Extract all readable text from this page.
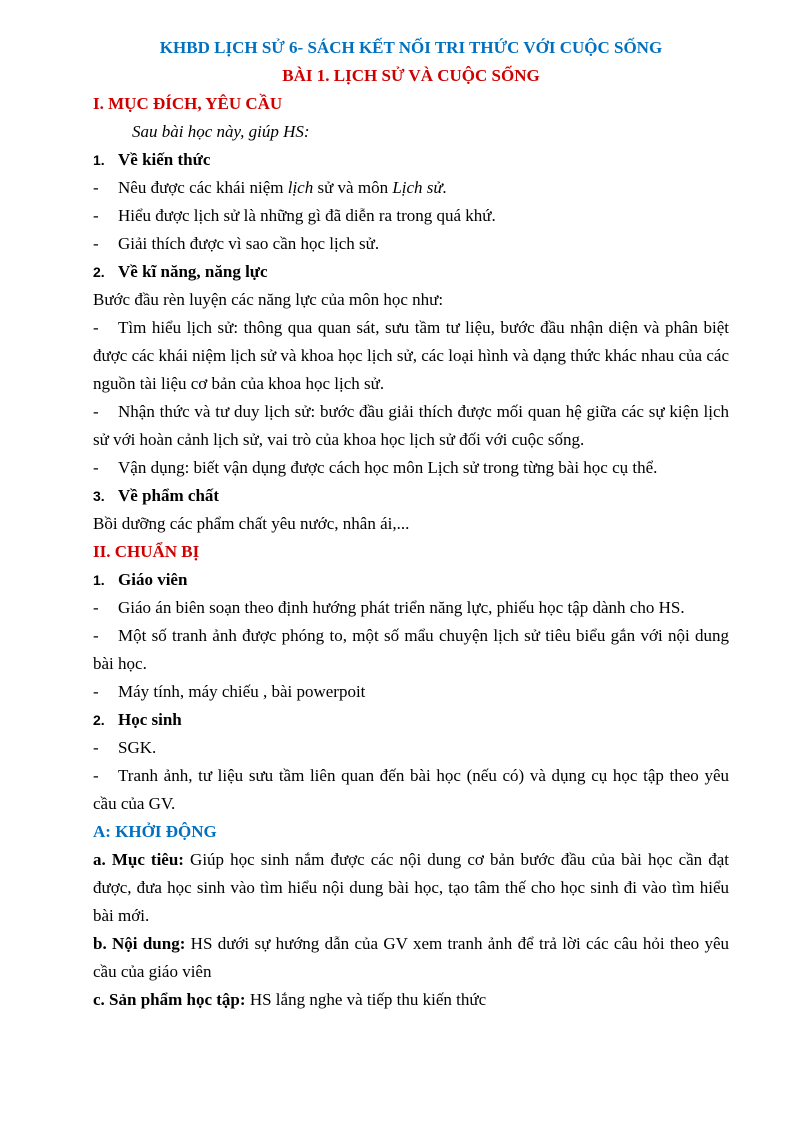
KHBD LỊCH SỬ 6- SÁCH KẾT NỐI TRI THỨC VỚI CUỘC SỐNG

BÀI 1. LỊCH SỬ VÀ CUỘC SỐNG

I. MỤC ĐÍCH, YÊU CẦU

Sau bài học này, giúp HS:

1. Về kiến thức

- Nêu được các khái niệm lịch sử và môn Lịch sử.

- Hiểu được lịch sử là những gì đã diễn ra trong quá khứ.

- Giải thích được vì sao cần học lịch sử.

2. Về kĩ năng, năng lực

Bước đầu rèn luyện các năng lực của môn học như:

- Tìm hiểu lịch sử: thông qua quan sát, sưu tầm tư liệu, bước đầu nhận diện và phân biệt được các khái niệm lịch sử và khoa học lịch sử, các loại hình và dạng thức khác nhau của các nguồn tài liệu cơ bản của khoa học lịch sử.

- Nhận thức và tư duy lịch sử: bước đầu giải thích được mối quan hệ giữa các sự kiện lịch sử với hoàn cảnh lịch sử, vai trò của khoa học lịch sử đối với cuộc sống.

- Vận dụng: biết vận dụng được cách học môn Lịch sử trong từng bài học cụ thể.

3. Về phẩm chất

Bồi dưỡng các phẩm chất yêu nước, nhân ái,...

II. CHUẨN BỊ

1. Giáo viên

- Giáo án biên soạn theo định hướng phát triển năng lực, phiếu học tập dành cho HS.

- Một số tranh ảnh được phóng to, một số mẩu chuyện lịch sử tiêu biểu gắn với nội dung bài học.

- Máy tính, máy chiếu , bài powerpoit

2. Học sinh

- SGK.

- Tranh ảnh, tư liệu sưu tầm liên quan đến bài học (nếu có) và dụng cụ học tập theo yêu cầu của GV.

A: KHỞI ĐỘNG

a. Mục tiêu: Giúp học sinh nắm được các nội dung cơ bản bước đầu của bài học cần đạt được, đưa học sinh vào tìm hiểu nội dung bài học, tạo tâm thế cho học sinh đi vào tìm hiểu bài mới.

b. Nội dung: HS dưới sự hướng dẫn của GV xem tranh ảnh để trả lời các câu hỏi theo yêu cầu của giáo viên

c. Sản phẩm học tập: HS lắng nghe và tiếp thu kiến thức
